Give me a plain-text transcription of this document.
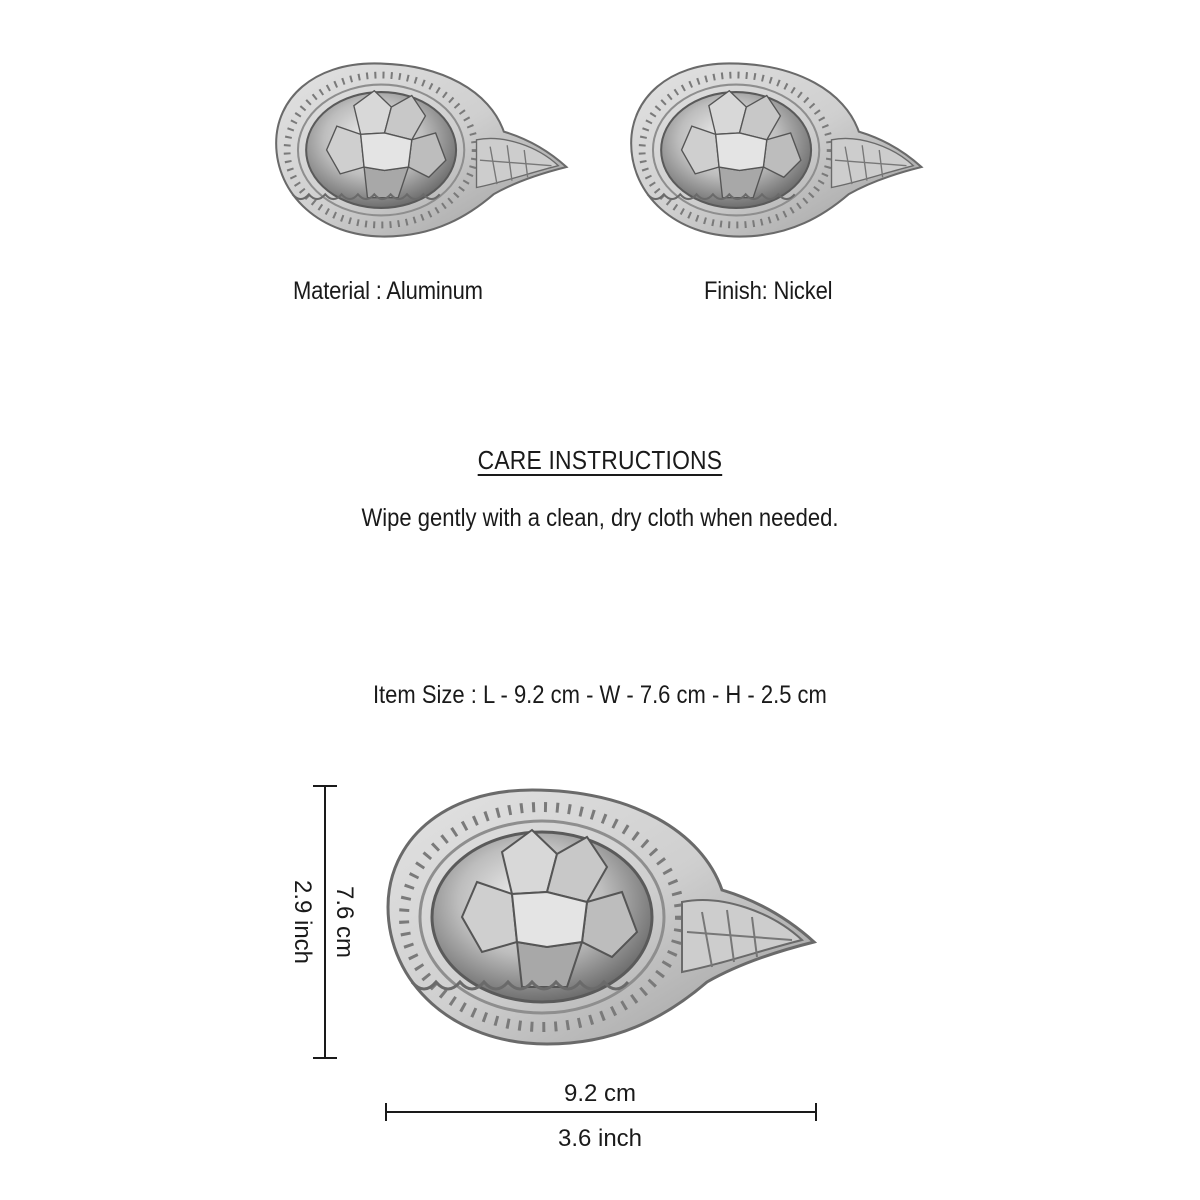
Material : Aluminum	Finish: Nickel
CARE INSTRUCTIONS
Wipe gently with a clean, dry cloth when needed.
Item Size : L - 9.2 cm - W - 7.6 cm - H - 2.5 cm
2.9 inch 7.6 cm
9.2 cm
3.6 inch
